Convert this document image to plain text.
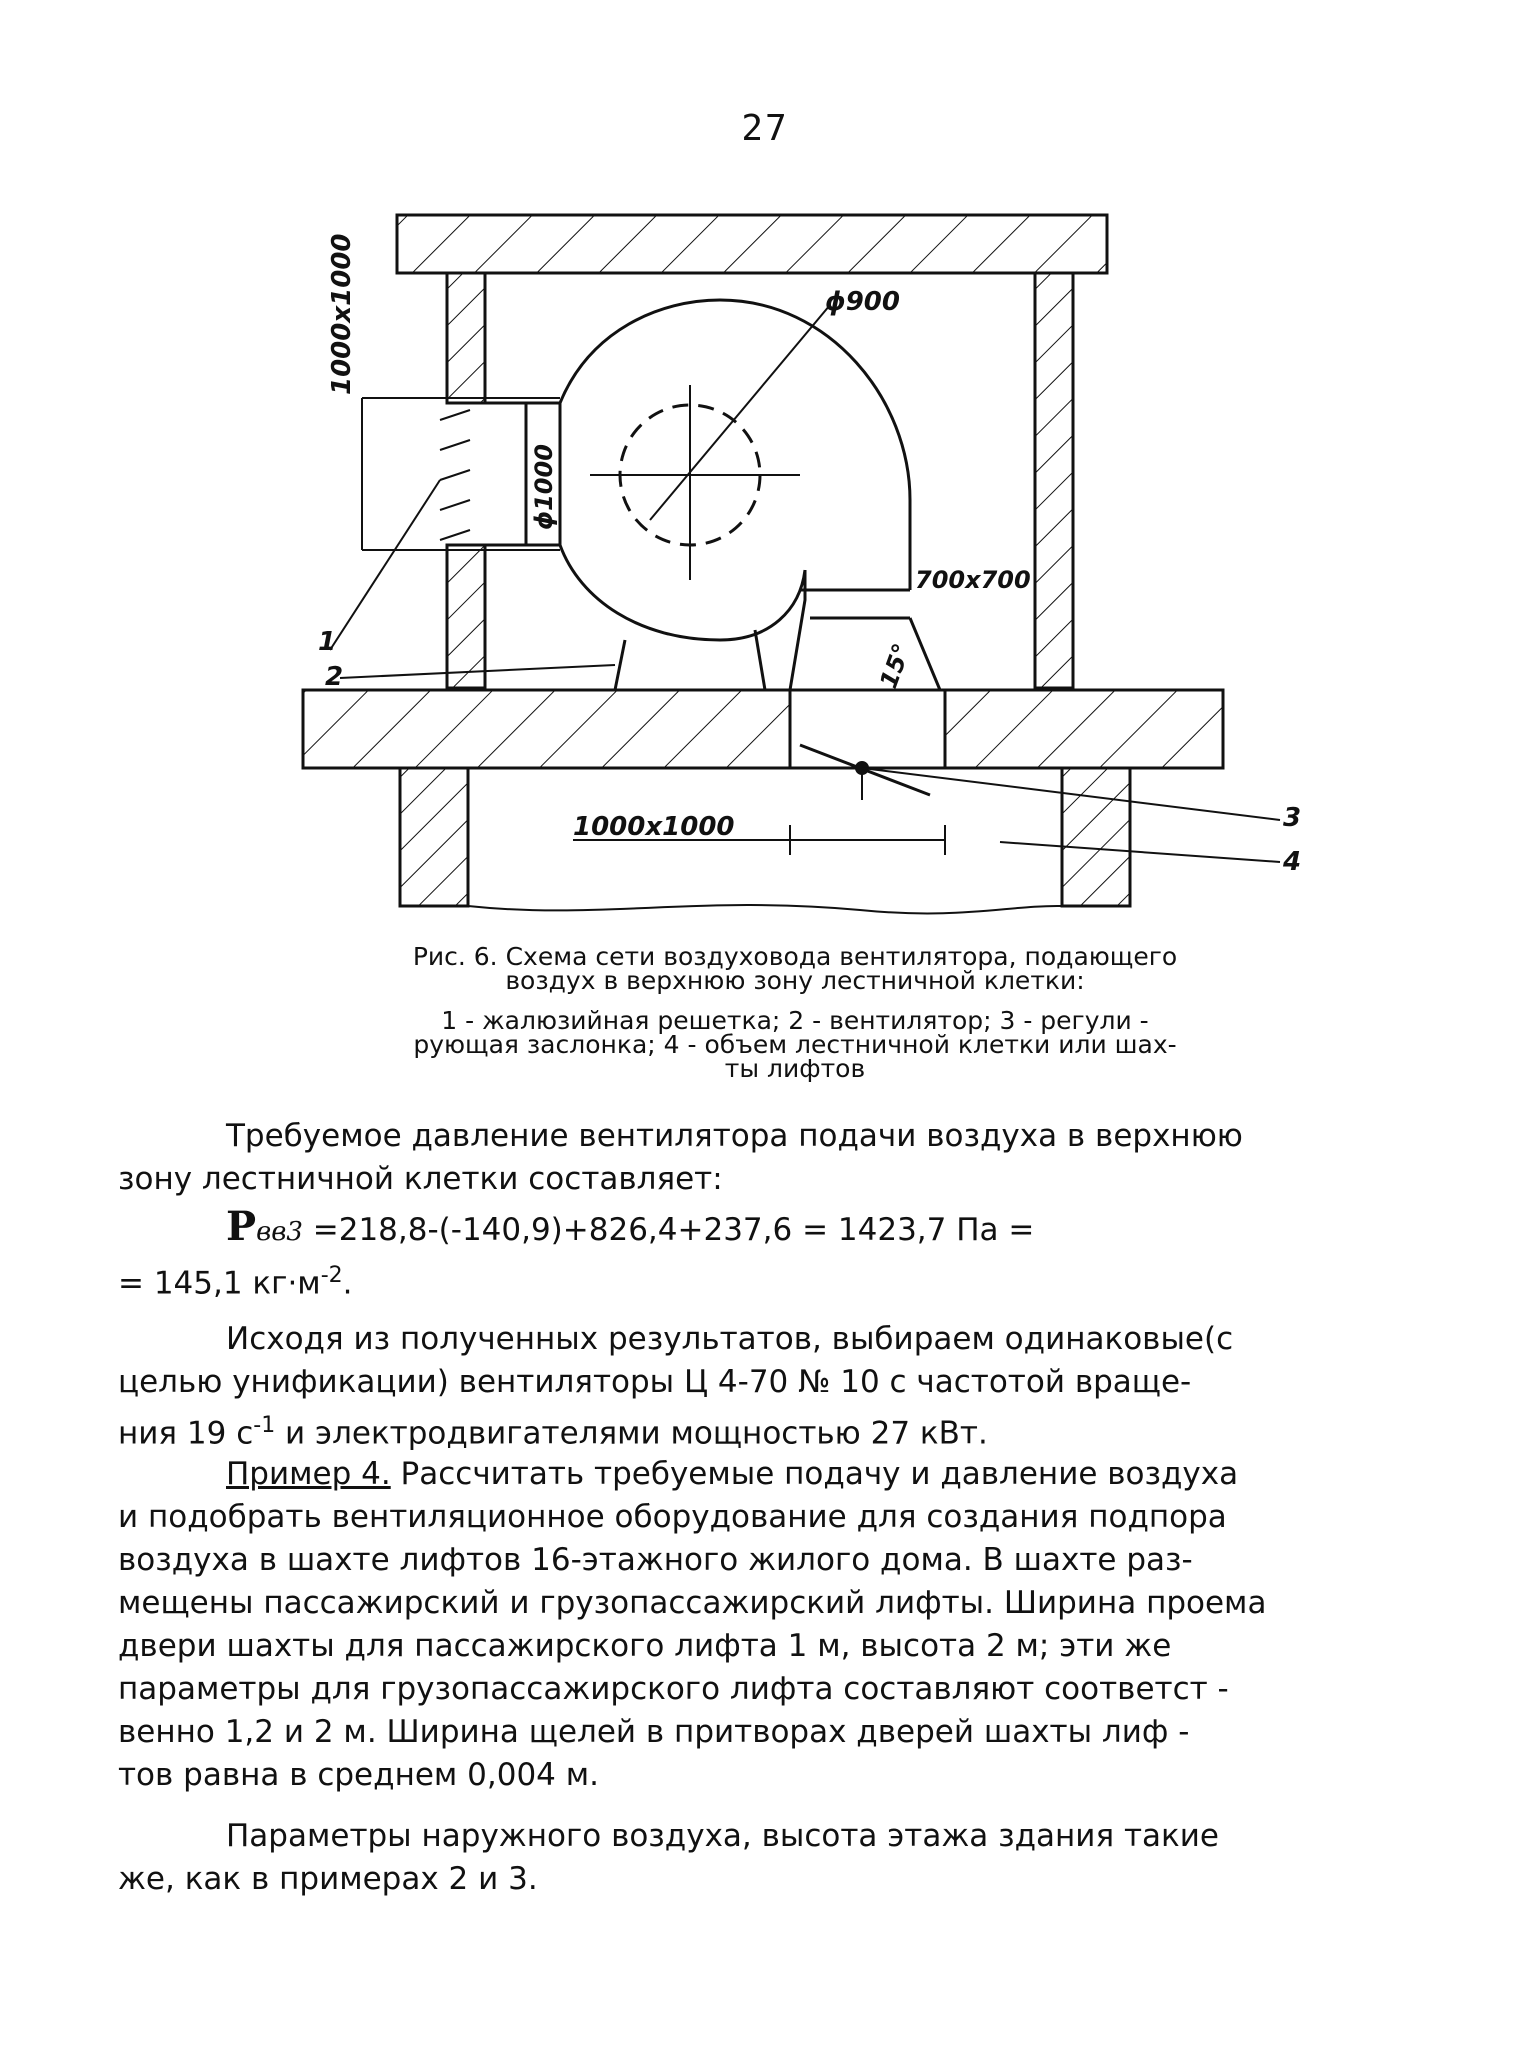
27
1000x1000	ϕ900
ϕ1000
700x700
15°
1000x1000
1
2
3
4
Рис. 6. Схема сети воздуховода вентилятора, подающего
воздух в верхнюю зону лестничной клетки:
1 - жалюзийная решетка; 2 - вентилятор; 3 - регули -
рующая заслонка; 4 - объем лестничной клетки или шах-
ты лифтов
Требуемое давление вентилятора подачи воздуха в верхнюю
зону лестничной клетки составляет:
Pвв3 =218,8-(-140,9)+826,4+237,6 = 1423,7 Па =
= 145,1 $кг\cdot м^{-2}$.
Исходя из полученных результатов, выбираем одинаковые(с
целью унификации) вентиляторы Ц 4-70 № 10 с частотой враще-
ния 19 $с^{-1}$ и электродвигателями мощностью 27 кВт.
Пример 4. Рассчитать требуемые подачу и давление воздуха
и подобрать вентиляционное оборудование для создания подпора
воздуха в шахте лифтов 16-этажного жилого дома. В шахте раз-
мещены пассажирский и грузопассажирский лифты. Ширина проема
двери шахты для пассажирского лифта 1 м, высота 2 м; эти же
параметры для грузопассажирского лифта составляют соответст -
венно 1,2 и 2 м. Ширина щелей в притворах дверей шахты лиф -
тов равна в среднем 0,004 м.
Параметры наружного воздуха, высота этажа здания такие
же, как в примерах 2 и 3.
